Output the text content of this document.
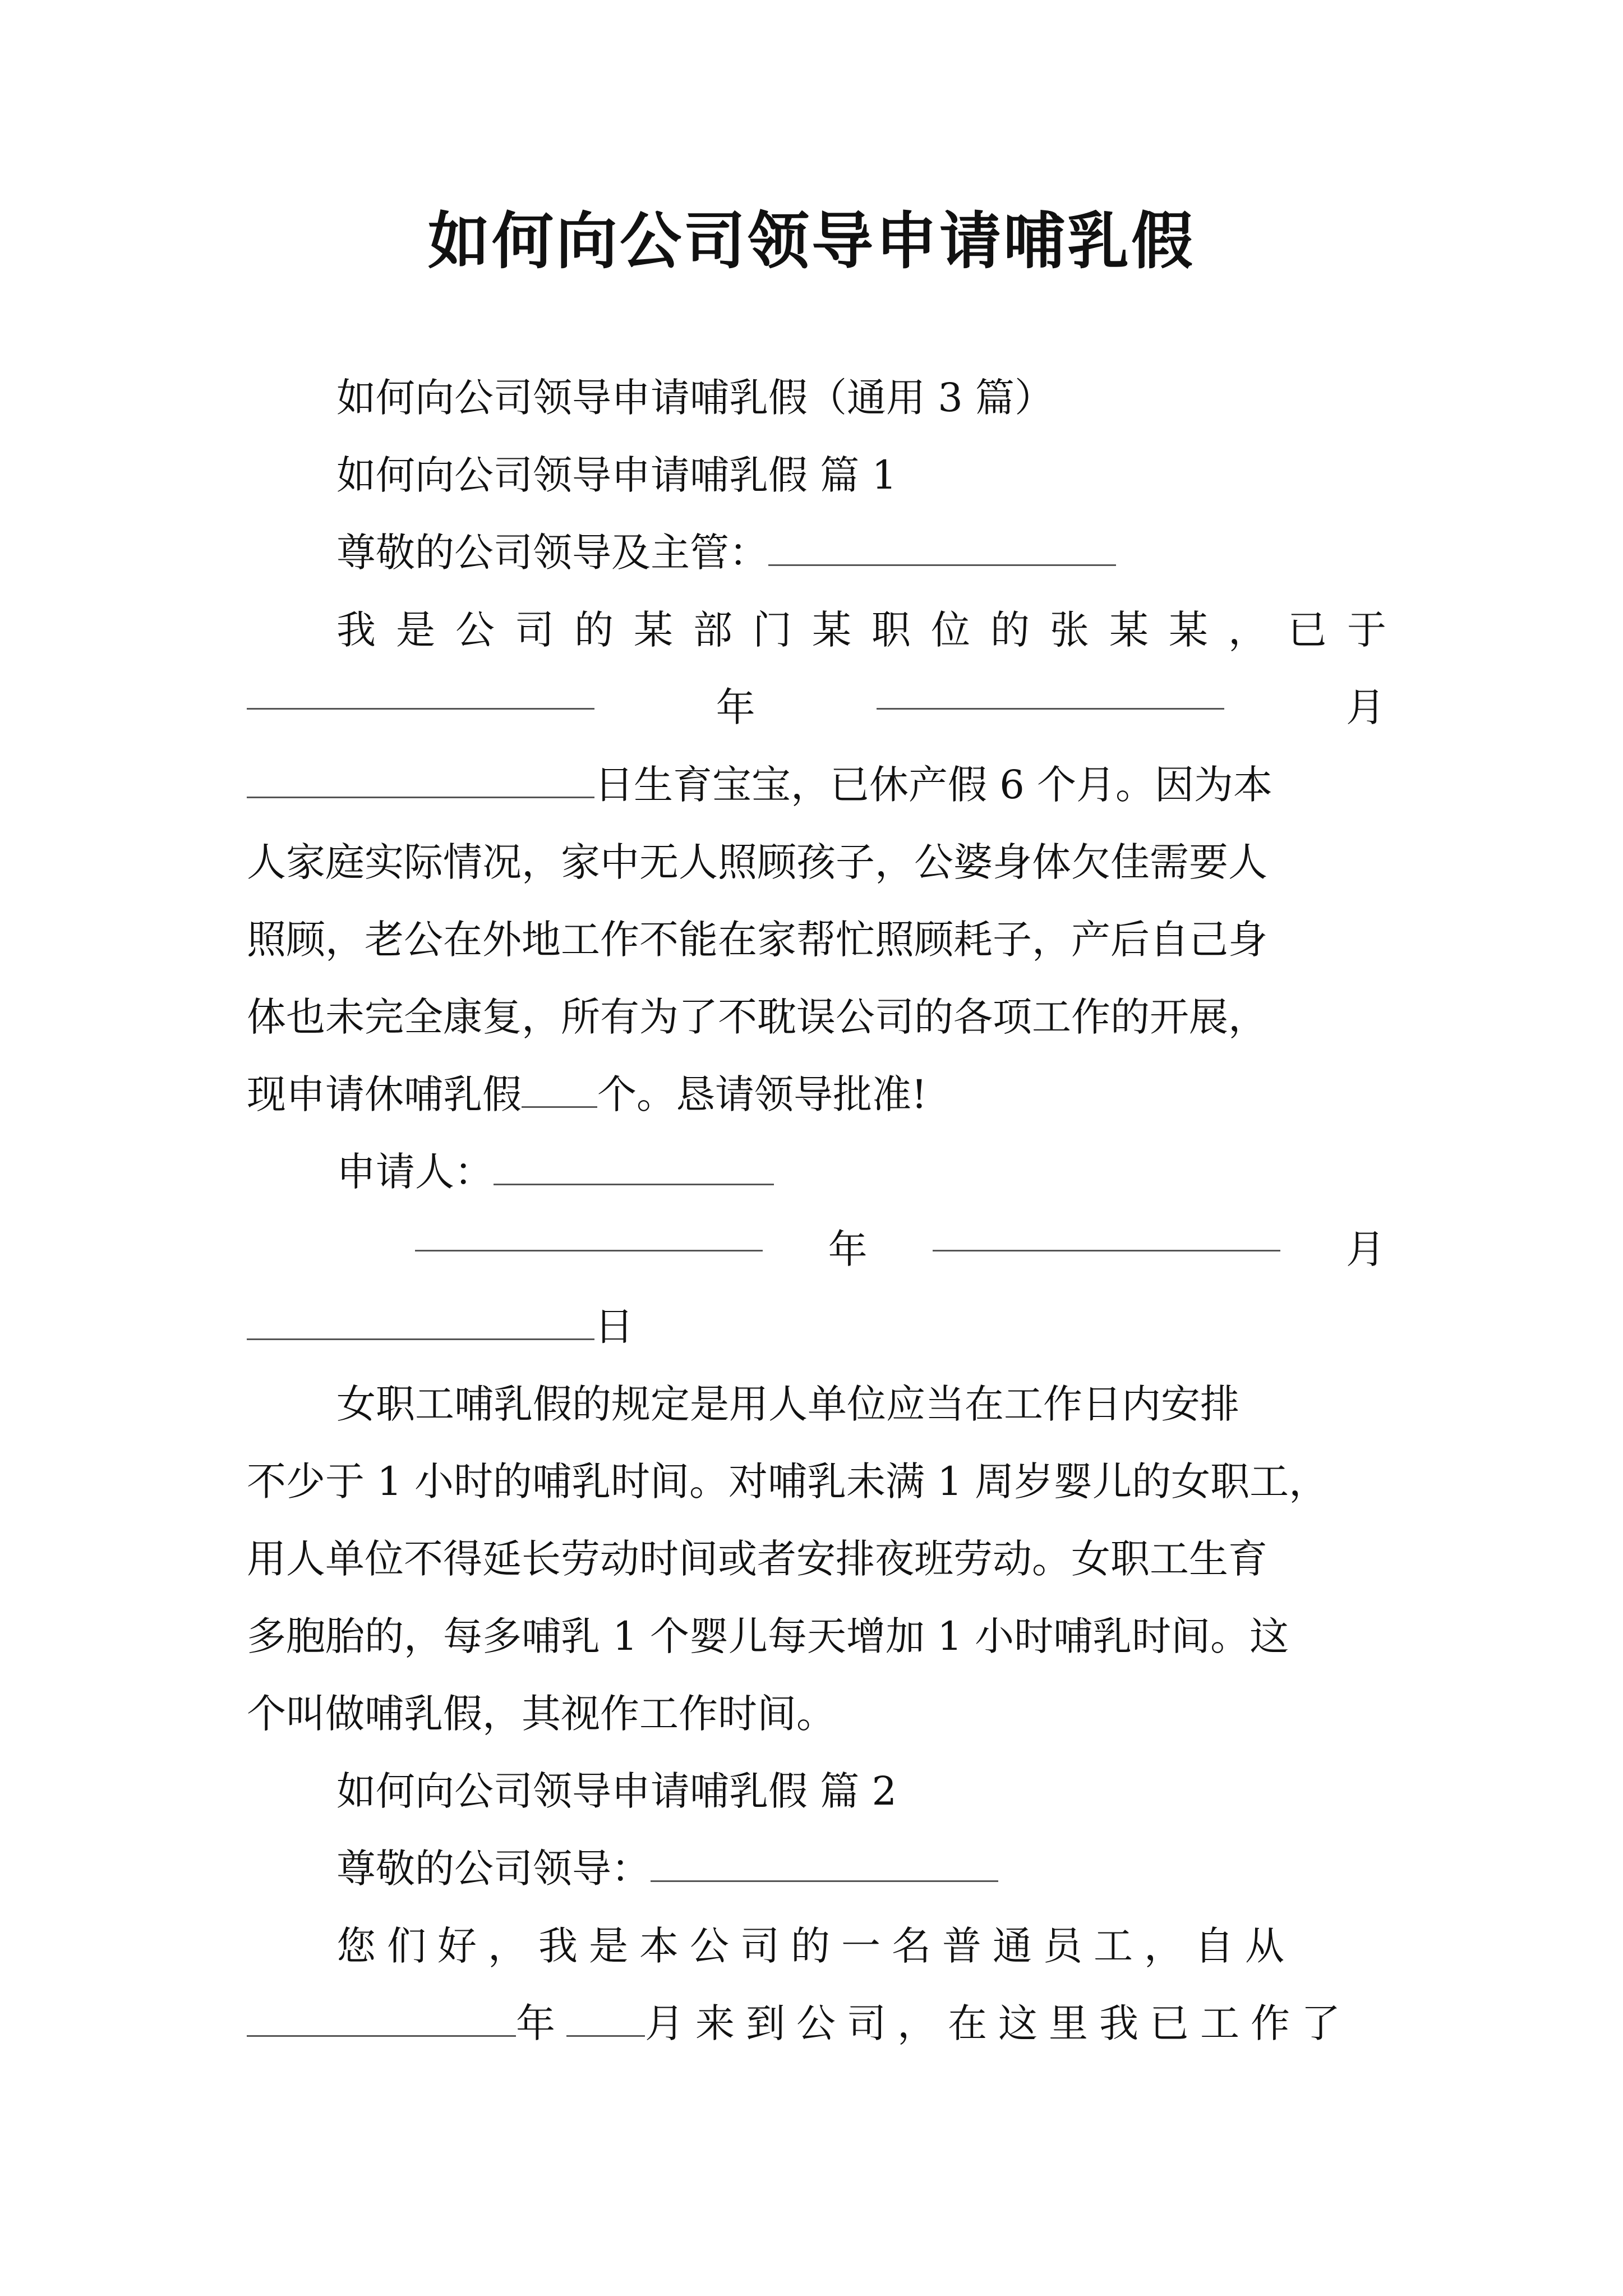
如何向公司领导申请哺乳假
如何向公司领导申请哺乳假（通用 3 篇）
如何向公司领导申请哺乳假 篇 1
尊敬的公司领导及主管：
我是公司的某部门某职位的张某某，已于
年	月
日生育宝宝，已休产假 6 个月。因为本
人家庭实际情况，家中无人照顾孩子，公婆身体欠佳需要人
照顾，老公在外地工作不能在家帮忙照顾耗子，产后自己身
体也未完全康复，所有为了不耽误公司的各项工作的开展，
现申请休哺乳假 个。恳请领导批准!
申请人：
年	月
日
女职工哺乳假的规定是用人单位应当在工作日内安排
不少于 1 小时的哺乳时间。对哺乳未满 1 周岁婴儿的女职工，
用人单位不得延长劳动时间或者安排夜班劳动。女职工生育
多胞胎的，每多哺乳 1 个婴儿每天增加 1 小时哺乳时间。这
个叫做哺乳假，其视作工作时间。
如何向公司领导申请哺乳假 篇 2
尊敬的公司领导：
您们好，我是本公司的一名普通员工，自从
年 月来到公司，在这里我已工作了
